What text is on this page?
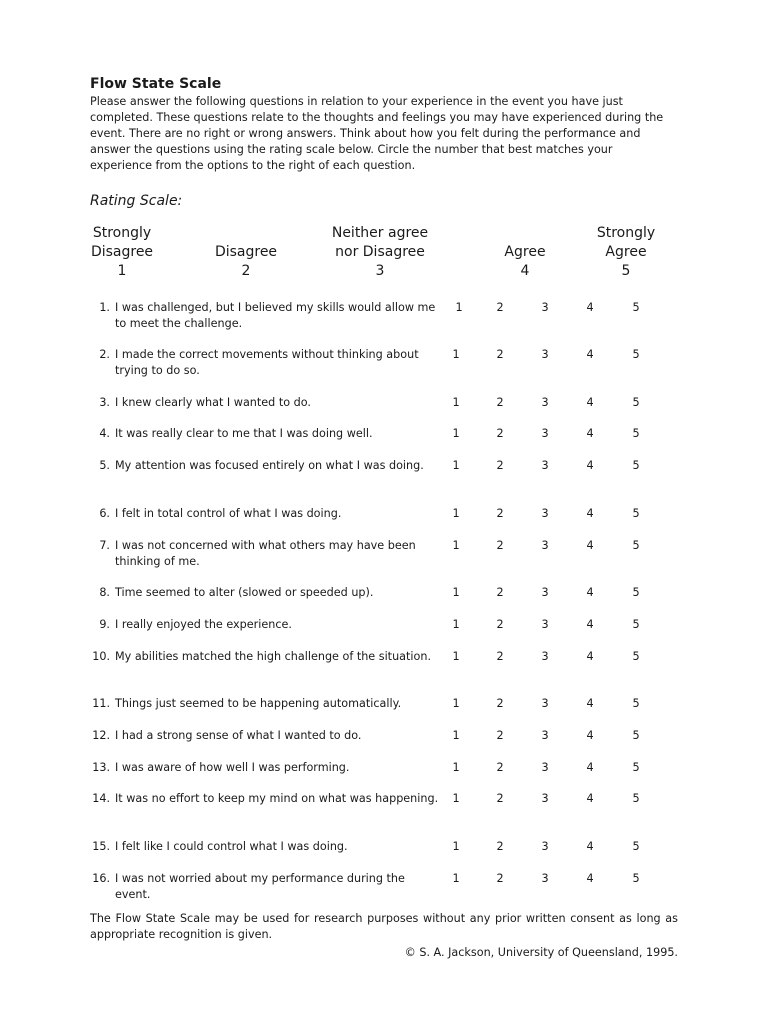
Flow State Scale

Please answer the following questions in relation to your experience in the event you have just completed. These questions relate to the thoughts and feelings you may have experienced during the event. There are no right or wrong answers. Think about how you felt during the performance and answer the questions using the rating scale below. Circle the number that best matches your experience from the options to the right of each question.

Rating Scale:

Strongly
Disagree
1

Disagree
2
Neither agree
nor Disagree
3

Agree
4
Strongly
Agree
5
1. I was challenged, but I believed my skills would allow me to meet the challenge.
1	2	3	4	5
2. I made the correct movements without thinking about trying to do so.
1	2	3	4	5
3. I knew clearly what I wanted to do.	1	2	3	4	5
4. It was really clear to me that I was doing well.	1	2	3	4	5
5. My attention was focused entirely on what I was doing.	1	2	3	4	5
6. I felt in total control of what I was doing.	1	2	3	4	5
7. I was not concerned with what others may have been thinking of me.
1	2	3	4	5
8. Time seemed to alter (slowed or speeded up).	1	2	3	4	5
9. I really enjoyed the experience.	1	2	3	4	5
10. My abilities matched the high challenge of the situation.	1	2	3	4	5
11. Things just seemed to be happening automatically.	1	2	3	4	5
12. I had a strong sense of what I wanted to do.	1	2	3	4	5
13. I was aware of how well I was performing.	1	2	3	4	5
14. It was no effort to keep my mind on what was happening.	1	2	3	4	5
15. I felt like I could control what I was doing.	1	2	3	4	5
16. I was not worried about my performance during the event.
1	2	3	4	5

The Flow State Scale may be used for research purposes without any prior written consent as long as appropriate recognition is given.

© S. A. Jackson, University of Queensland, 1995.
